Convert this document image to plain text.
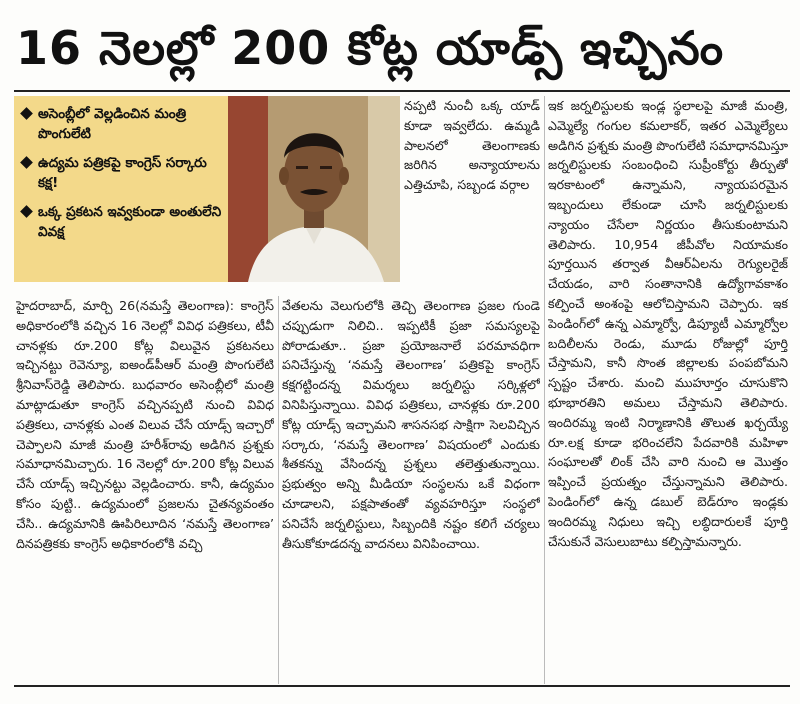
16 నెలల్లో 200 కోట్ల యాడ్స్ ఇచ్చినం
అసెంబ్లీలో వెల్లడించిన మంత్రి పొంగులేటి
ఉద్యమ పత్రికపై కాంగ్రెస్ సర్కారు కక్ష!
ఒక్క ప్రకటన ఇవ్వకుండా అంతులేని వివక్ష

నప్పటి నుంచీ ఒక్క యాడ్ కూడా ఇవ్వలేదు. ఉమ్మడి పాలనలో తెలంగాణకు జరిగిన అన్యాయాలను ఎత్తిచూపి, సబ్బండ వర్గాల

హైదరాబాద్, మార్చి 26(నమస్తే తెలంగాణ): కాంగ్రెస్ అధికారంలోకి వచ్చిన 16 నెలల్లో వివిధ పత్రికలు, టీవీ చానళ్లకు రూ.200 కోట్ల విలువైన ప్రకటనలు ఇచ్చినట్టు రెవెన్యూ, ఐఅండ్‌పీఆర్ మంత్రి పొంగులేటి శ్రీనివాస్‌రెడ్డి తెలిపారు. బుధవారం అసెంబ్లీలో మంత్రి మాట్లాడుతూ కాంగ్రెస్ వచ్చినప్పటి నుంచి వివిధ పత్రికలు, చానళ్లకు ఎంత విలువ చేసే యాడ్స్ ఇచ్చారో చెప్పాలని మాజీ మంత్రి హరీశ్‌రావు అడిగిన ప్రశ్నకు సమాధానమిచ్చారు. 16 నెలల్లో రూ.200 కోట్ల విలువ చేసే యాడ్స్ ఇచ్చినట్టు వెల్లడించారు. కానీ, ఉద్యమం కోసం పుట్టి.. ఉద్యమంలో ప్రజలను చైతన్యవంతం చేసి.. ఉద్యమానికి ఊపిరిలూదిన ‘నమస్తే తెలంగాణ’ దినపత్రికకు కాంగ్రెస్ అధికారంలోకి వచ్చి

వేతలను వెలుగులోకి తెచ్చి తెలంగాణ ప్రజల గుండె చప్పుడుగా నిలిచి.. ఇప్పటికీ ప్రజా సమస్యలపై పోరాడుతూ.. ప్రజా ప్రయోజనాలే పరమావధిగా పనిచేస్తున్న ‘నమస్తే తెలంగాణ’ పత్రికపై కాంగ్రెస్ కక్షగట్టిందన్న విమర్శలు జర్నలిస్టు సర్కిళ్లలో వినిపిస్తున్నాయి. వివిధ పత్రికలు, చానళ్లకు రూ.200 కోట్ల యాడ్స్ ఇచ్చామని శాసనసభ సాక్షిగా సెలవిచ్చిన సర్కారు, ‘నమస్తే తెలంగాణ’ విషయంలో ఎందుకు శీతకన్ను వేసిందన్న ప్రశ్నలు తలెత్తుతున్నాయి. ప్రభుత్వం అన్ని మీడియా సంస్థలను ఒకే విధంగా చూడాలని, పక్షపాతంతో వ్యవహరిస్తూ సంస్థలో పనిచేసే జర్నలిస్టులు, సిబ్బందికి నష్టం కలిగే చర్యలు తీసుకోకూడదన్న వాదనలు వినిపించాయి.

ఇక జర్నలిస్టులకు ఇండ్ల స్థలాలపై మాజీ మంత్రి, ఎమ్మెల్యే గంగుల కమలాకర్, ఇతర ఎమ్మెల్యేలు అడిగిన ప్రశ్నకు మంత్రి పొంగులేటి సమాధానమిస్తూ జర్నలిస్టులకు సంబంధించి సుప్రీంకోర్టు తీర్పుతో ఇరకాటంలో ఉన్నామని, న్యాయపరమైన ఇబ్బందులు లేకుండా చూసి జర్నలిస్టులకు న్యాయం చేసేలా నిర్ణయం తీసుకుంటామని తెలిపారు. 10,954 జీపీవోల నియామకం పూర్తయిన తర్వాత వీఆర్‌ఏలను రెగ్యులరైజ్ చేయడం, వారి సంతానానికి ఉద్యోగావకాశం కల్పించే అంశంపై ఆలోచిస్తామని చెప్పారు. ఇక పెండింగ్‌లో ఉన్న ఎమ్మార్వో, డిప్యూటీ ఎమ్మార్వోల బదిలీలను రెండు, మూడు రోజుల్లో పూర్తి చేస్తామని, కానీ సొంత జిల్లాలకు పంపబోమని స్పష్టం చేశారు. మంచి ముహూర్తం చూసుకొని భూభారతిని అమలు చేస్తామని తెలిపారు. ఇందిరమ్మ ఇంటి నిర్మాణానికి తొలుత ఖర్చయ్యే రూ.లక్ష కూడా భరించలేని పేదవారికి మహిళా సంఘాలతో లింక్ చేసి వారి నుంచి ఆ మొత్తం ఇప్పించే ప్రయత్నం చేస్తున్నామని తెలిపారు. పెండింగ్‌లో ఉన్న డబుల్ బెడ్‌రూం ఇండ్లకు ఇందిరమ్మ నిధులు ఇచ్చి లబ్ధిదారులకే పూర్తి చేసుకునే వెసులుబాటు కల్పిస్తామన్నారు.
